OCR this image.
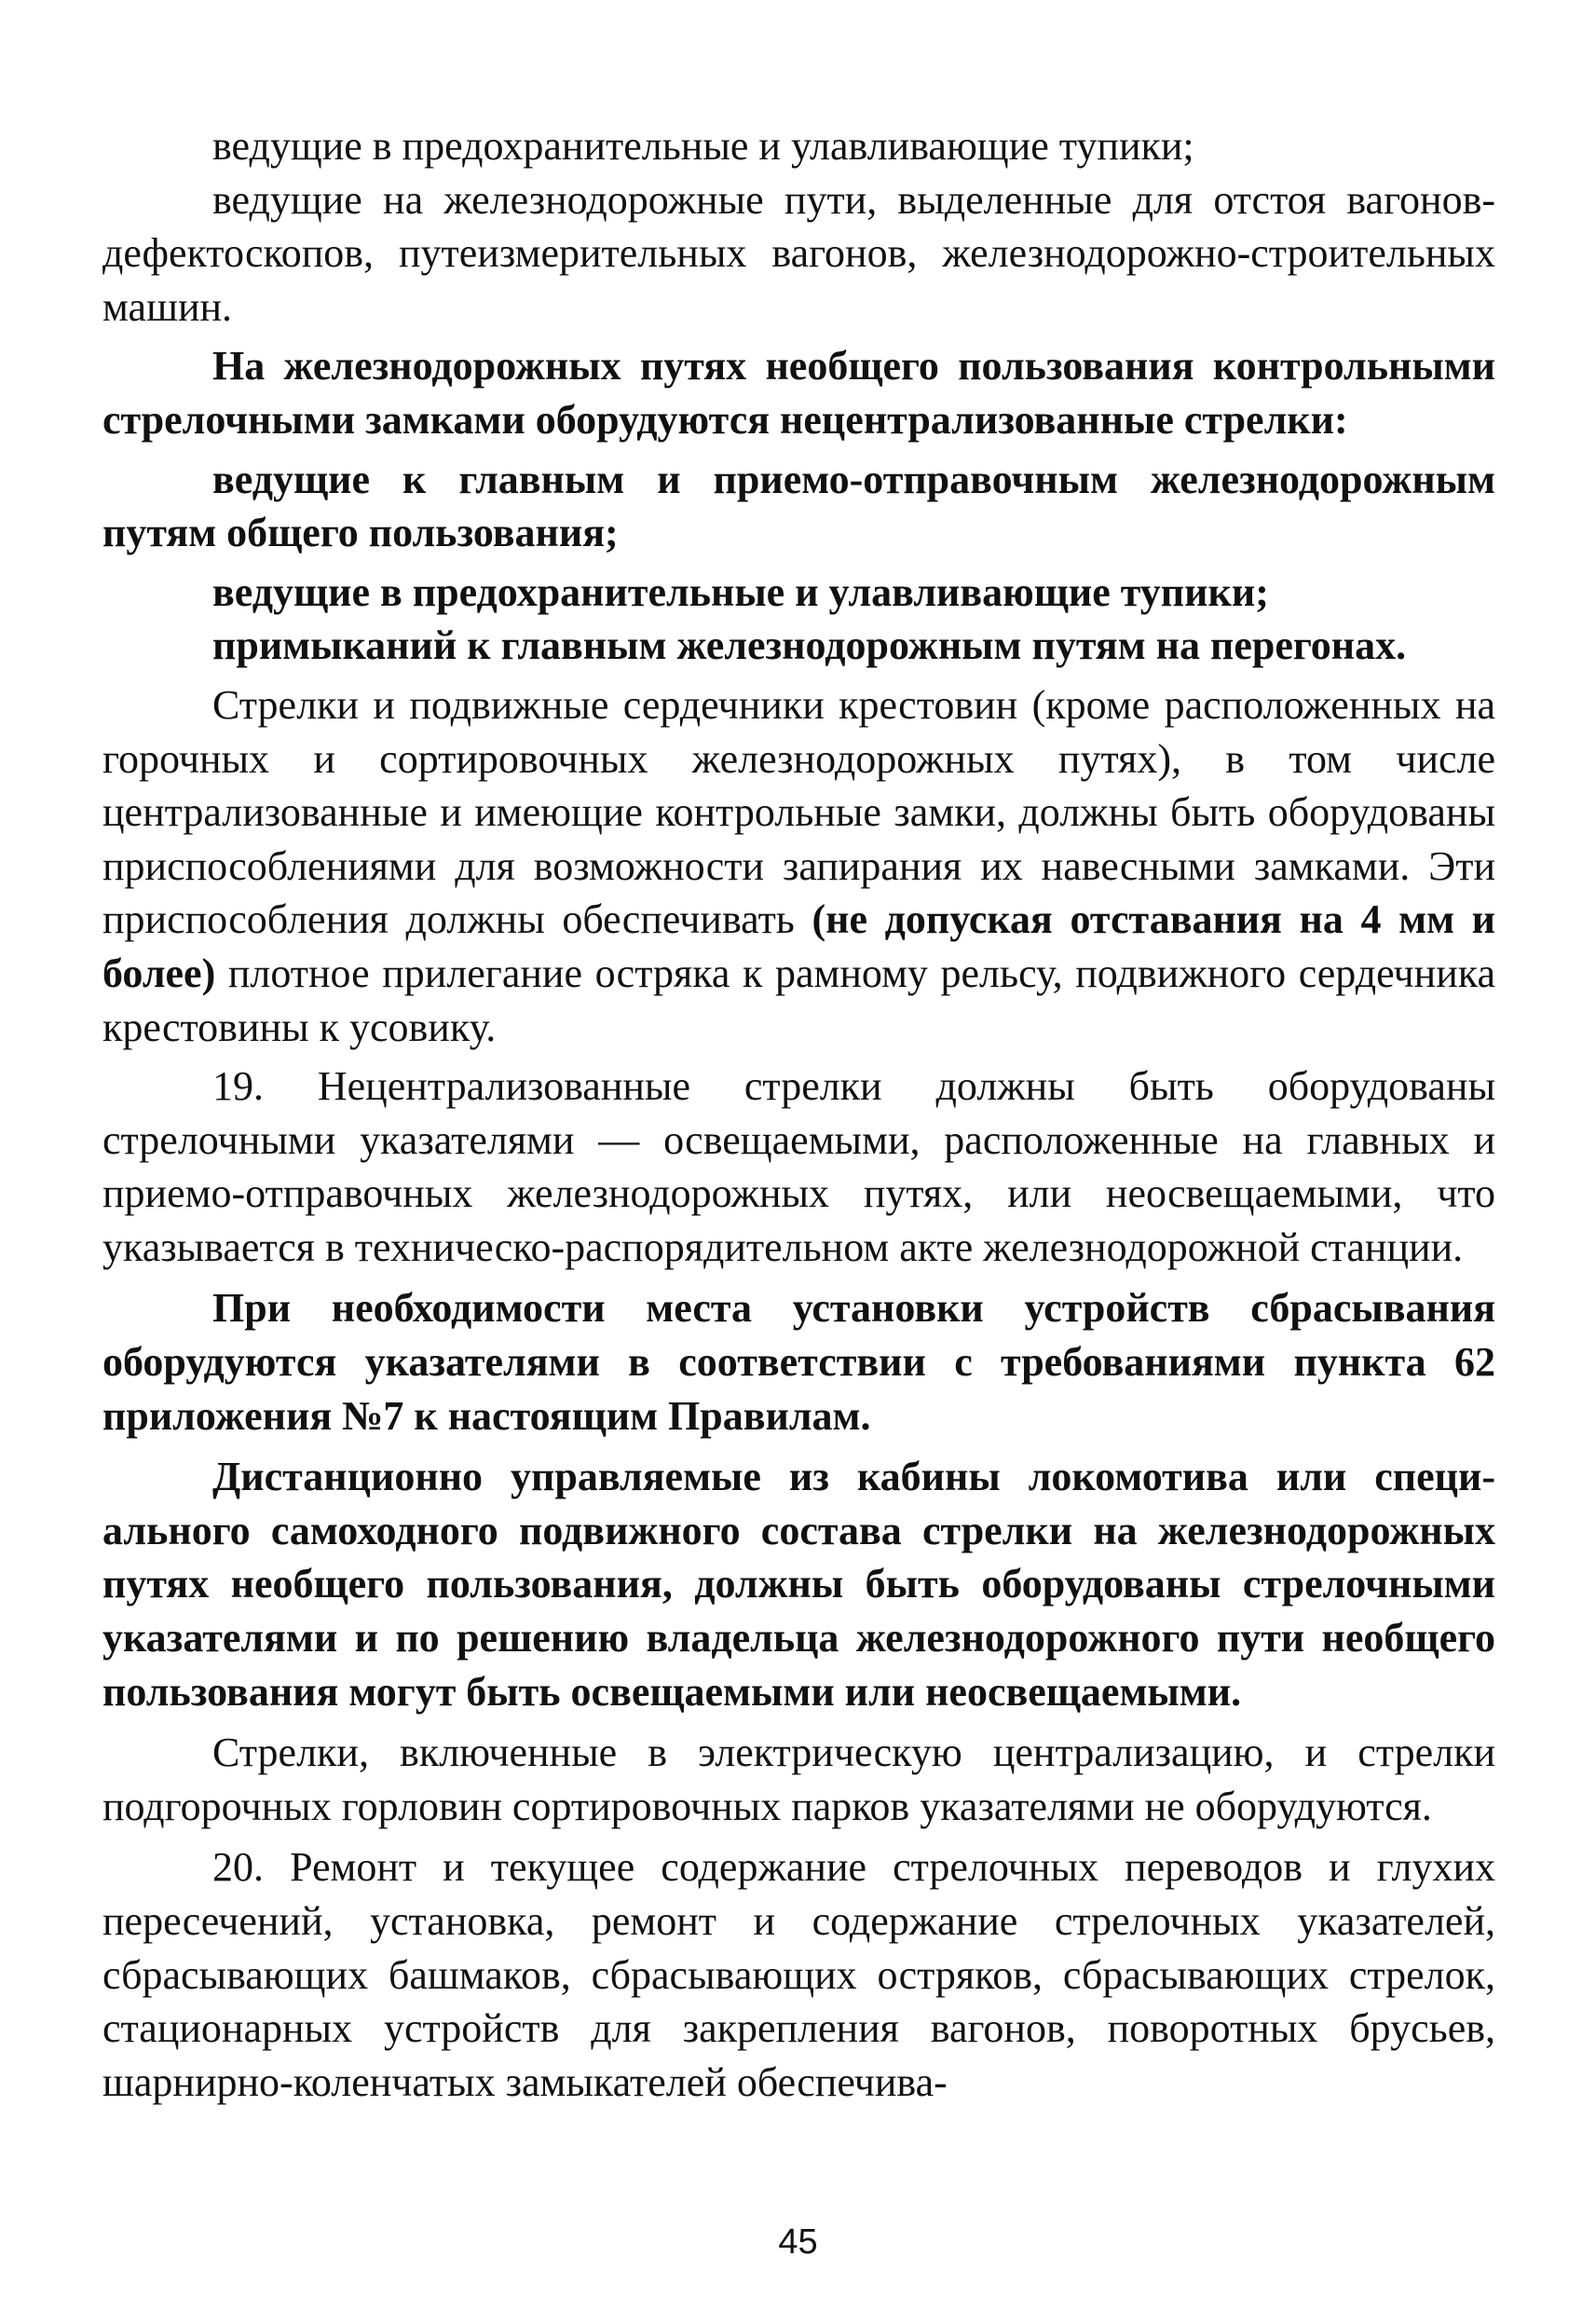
ведущие в предохранительные и улавливающие тупики;

ведущие на железнодорожные пути, выделенные для отстоя вагонов-дефектоскопов, путеизмерительных вагонов, железнодорожно-строительных машин.

На железнодорожных путях необщего пользования контрольными стрелочными замками оборудуются нецентрализованные стрелки:

ведущие к главным и приемо-отправочным железнодорожным путям общего пользования;

ведущие в предохранительные и улавливающие тупики;

примыканий к главным железнодорожным путям на перегонах.

Стрелки и подвижные сердечники крестовин (кроме расположенных на горочных и сортировочных железнодорожных путях), в том числе централизованные и имеющие контрольные замки, должны быть оборудованы приспособлениями для возможности запирания их навесными замками. Эти приспособления должны обеспечивать (не допуская отставания на 4 мм и более) плотное прилегание остряка к рамному рельсу, подвижного сердечника крестовины к усовику.

19. Нецентрализованные стрелки должны быть оборудованы стрелочными указателями — освещаемыми, расположенные на главных и приемо-отправочных железнодорожных путях, или неосвещаемыми, что указывается в техническо-распорядительном акте железнодорожной станции.

При необходимости места установки устройств сбрасывания оборудуются указателями в соответствии с требованиями пункта 62 приложения №7 к настоящим Правилам.

Дистанционно управляемые из кабины локомотива или специального самоходного подвижного состава стрелки на железнодорожных путях необщего пользования, должны быть оборудованы стрелочными указателями и по решению владельца железнодорожного пути необщего пользования могут быть освещаемыми или неосвещаемыми.

Стрелки, включенные в электрическую централизацию, и стрелки подгорочных горловин сортировочных парков указателями не оборудуются.

20. Ремонт и текущее содержание стрелочных переводов и глухих пересечений, установка, ремонт и содержание стрелочных указателей, сбрасывающих башмаков, сбрасывающих остряков, сбрасывающих стрелок, стационарных устройств для закрепления вагонов, поворотных брусьев, шарнирно-коленчатых замыкателей обеспечива-

45
